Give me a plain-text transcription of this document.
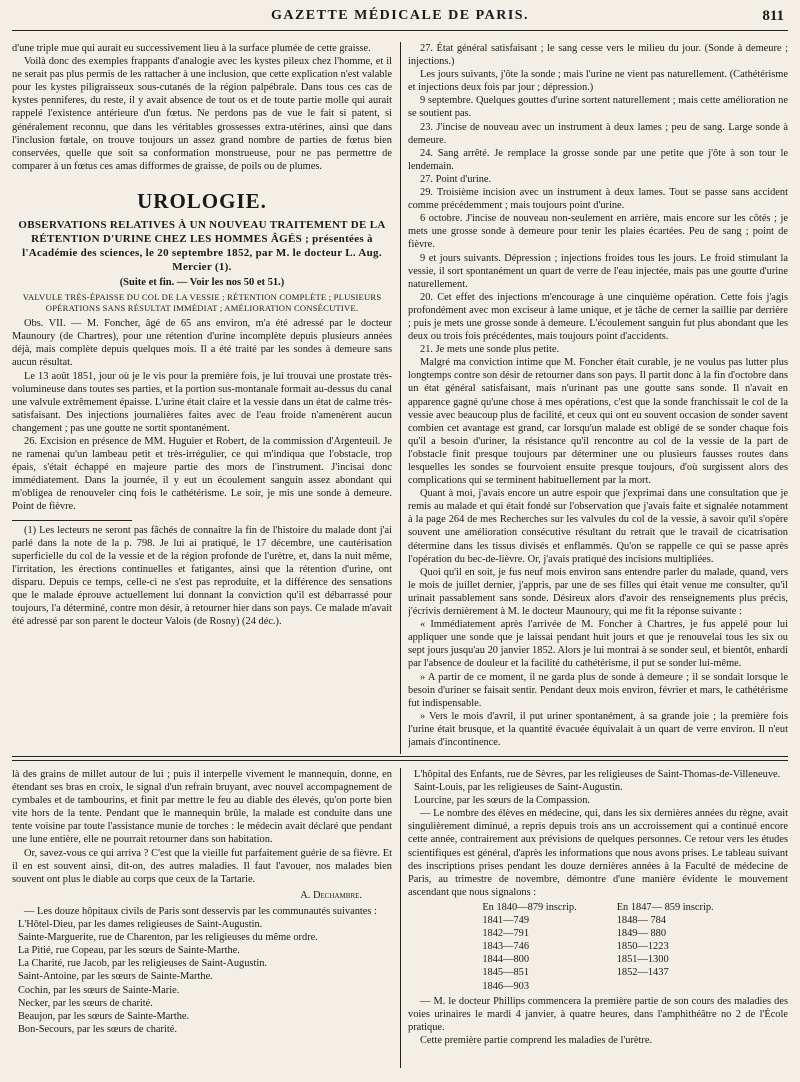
GAZETTE MÉDICALE DE PARIS.	811

d'une triple mue qui aurait eu successivement lieu à la surface plumée de cette graisse.

Voilà donc des exemples frappants d'analogie avec les kystes pileux chez l'homme, et il ne serait pas plus permis de les rattacher à une inclusion, que cette explication n'est valable pour les kystes piligraisseux sous-cutanés de la région palpébrale. Dans tous ces cas de kystes penniferes, du reste, il y avait absence de tout os et de toute partie molle qui aurait rappelé l'existence antérieure d'un fœtus. Ne perdons pas de vue le fait si patent, si généralement reconnu, que dans les véritables grossesses extra-utérines, ainsi que dans l'inclusion fœtale, on trouve toujours un assez grand nombre de parties de fœtus bien conservées, quelle que soit sa conformation monstrueuse, pour ne pas permettre de comparer à un fœtus ces amas difformes de graisse, de poils ou de plumes.

UROLOGIE.
OBSERVATIONS RELATIVES À UN NOUVEAU TRAITEMENT DE LA RÉTENTION D'URINE CHEZ LES HOMMES ÂGÉS ; présentées à l'Académie des sciences, le 20 septembre 1852, par M. le docteur L. Aug. Mercier (1).
(Suite et fin. — Voir les nos 50 et 51.)
VALVULE TRÈS-ÉPAISSE DU COL DE LA VESSIE ; RÉTENTION COMPLÈTE ; PLUSIEURS OPÉRATIONS SANS RÉSULTAT IMMÉDIAT ; AMÉLIORATION CONSÉCUTIVE.

Obs. VII. — M. Foncher, âgé de 65 ans environ, m'a été adressé par le docteur Maunoury (de Chartres), pour une rétention d'urine incomplète depuis plusieurs années déjà, mais complète depuis quelques mois. Il a été traité par les sondes à demeure sans aucun résultat.

Le 13 août 1851, jour où je le vis pour la première fois, je lui trouvai une prostate très-volumineuse dans toutes ses parties, et la portion sus-montanale formait au-dessus du canal une valvule extrêmement épaisse. L'urine était claire et la vessie dans un état de calme très-satisfaisant. Des injections journalières faites avec de l'eau froide n'amenèrent aucun changement ; pas une goutte ne sortit spontanément.

26. Excision en présence de MM. Huguier et Robert, de la commission d'Argenteuil. Je ne ramenai qu'un lambeau petit et très-irrégulier, ce qui m'indiqua que l'obstacle, trop épais, s'était échappé en majeure partie des mors de l'instrument. J'incisai donc immédiatement. Dans la journée, il y eut un écoulement sanguin assez abondant qui m'obligea de renouveler cinq fois le cathétérisme. Le soir, je mis une sonde à demeure. Point de fièvre.

(1) Les lecteurs ne seront pas fâchés de connaître la fin de l'histoire du malade dont j'ai parlé dans la note de la p. 798. Je lui ai pratiqué, le 17 décembre, une cautérisation superficielle du col de la vessie et de la région profonde de l'urètre, et, dans la nuit même, l'irritation, les érections continuelles et fatigantes, ainsi que la rétention d'urine, ont disparu. Depuis ce temps, celle-ci ne s'est pas reproduite, et la différence des sensations que le malade éprouve actuellement lui donnant la conviction qu'il est débarrassé pour toujours, l'a déterminé, contre mon désir, à retourner hier dans son pays. Ce malade m'avait été adressé par son parent le docteur Valois (de Rosny) (24 déc.).

27. État général satisfaisant ; le sang cesse vers le milieu du jour. (Sonde à demeure ; injections.)

Les jours suivants, j'ôte la sonde ; mais l'urine ne vient pas naturellement. (Cathétérisme et injections deux fois par jour ; dépression.)

9 septembre. Quelques gouttes d'urine sortent naturellement ; mais cette amélioration ne se soutient pas.

23. J'incise de nouveau avec un instrument à deux lames ; peu de sang. Large sonde à demeure.

24. Sang arrêté. Je remplace la grosse sonde par une petite que j'ôte à son tour le lendemain.

27. Point d'urine.

29. Troisième incision avec un instrument à deux lames. Tout se passe sans accident comme précédemment ; mais toujours point d'urine.

6 octobre. J'incise de nouveau non-seulement en arrière, mais encore sur les côtés ; je mets une grosse sonde à demeure pour tenir les plaies écartées. Peu de sang ; point de fièvre.

9 et jours suivants. Dépression ; injections froides tous les jours. Le froid stimulant la vessie, il sort spontanément un quart de verre de l'eau injectée, mais pas une goutte d'urine naturellement.

20. Cet effet des injections m'encourage à une cinquième opération. Cette fois j'agis profondément avec mon exciseur à lame unique, et je tâche de cerner la saillie par derrière ; puis je mets une grosse sonde à demeure. L'écoulement sanguin fut plus abondant que les deux ou trois fois précédentes, mais toujours point d'accidents.

21. Je mets une sonde plus petite.

Malgré ma conviction intime que M. Foncher était curable, je ne voulus pas lutter plus longtemps contre son désir de retourner dans son pays. Il partit donc à la fin d'octobre dans un état général satisfaisant, mais n'urinant pas une goutte sans sonde. Il n'avait en apparence gagné qu'une chose à mes opérations, c'est que la sonde franchissait le col de la vessie avec beaucoup plus de facilité, et ceux qui ont eu souvent occasion de sonder savent combien cet avantage est grand, car lorsqu'un malade est obligé de se sonder chaque fois qu'il a besoin d'uriner, la résistance qu'il rencontre au col de la vessie de la part de l'obstacle finit presque toujours par déterminer une ou plusieurs fausses routes dans lesquelles les sondes se fourvoient ensuite presque toujours, d'où surgissent alors des complications qui se terminent habituellement par la mort.

Quant à moi, j'avais encore un autre espoir que j'exprimai dans une consultation que je remis au malade et qui était fondé sur l'observation que j'avais faite et signalée notamment à la page 264 de mes Recherches sur les valvules du col de la vessie, à savoir qu'il s'opère souvent une amélioration consécutive résultant du retrait que le travail de cicatrisation détermine dans les tissus divisés et enflammés. Qu'on se rappelle ce qui se passe après l'opération du bec-de-lièvre. Or, j'avais pratiqué des incisions multipliées.

Quoi qu'il en soit, je fus neuf mois environ sans entendre parler du malade, quand, vers le mois de juillet dernier, j'appris, par une de ses filles qui était venue me consulter, qu'il urinait passablement sans sonde. Désireux alors d'avoir des renseignements plus précis, j'écrivis dernièrement à M. le docteur Maunoury, qui me fit la réponse suivante :

« Immédiatement après l'arrivée de M. Foncher à Chartres, je fus appelé pour lui appliquer une sonde que je laissai pendant huit jours et que je renouvelai tous les six ou sept jours jusqu'au 20 janvier 1852. Alors je lui montrai à se sonder seul, et bientôt, enhardi par l'absence de douleur et la facilité du cathétérisme, il put se sonder lui-même.

» A partir de ce moment, il ne garda plus de sonde à demeure ; il se sondait lorsque le besoin d'uriner se faisait sentir. Pendant deux mois environ, février et mars, le cathétérisme fut indispensable.

» Vers le mois d'avril, il put uriner spontanément, à sa grande joie ; la première fois l'urine était brusque, et la quantité évacuée équivalait à un quart de verre environ. Il n'eut jamais d'incontinence.

là des grains de millet autour de lui ; puis il interpelle vivement le mannequin, donne, en étendant ses bras en croix, le signal d'un refrain bruyant, avec nouvel accompagnement de cymbales et de tambourins, et finit par mettre le feu au diable des élevés, qu'on porte bien vite hors de la tente. Pendant que le mannequin brûle, la malade est conduite dans une tente voisine par toute l'assistance munie de torches : le médecin avait déclaré que pendant une lune entière, elle ne pourrait retourner dans son habitation.

Or, savez-vous ce qui arriva ? C'est que la vieille fut parfaitement guérie de sa fièvre. Et il en est souvent ainsi, dit-on, des autres maladies. Il faut l'avouer, nos malades bien souvent ont plus le diable au corps que ceux de la Tartarie.

A. Dechambre.

— Les douze hôpitaux civils de Paris sont desservis par les communautés suivantes :

L'Hôtel-Dieu, par les dames religieuses de Saint-Augustin.

Sainte-Marguerite, rue de Charenton, par les religieuses du même ordre.

La Pitié, rue Copeau, par les sœurs de Sainte-Marthe.

La Charité, rue Jacob, par les religieuses de Saint-Augustin.

Saint-Antoine, par les sœurs de Sainte-Marthe.

Cochin, par les sœurs de Sainte-Marie.

Necker, par les sœurs de charité.

Beaujon, par les sœurs de Sainte-Marthe.

Bon-Secours, par les sœurs de charité.

L'hôpital des Enfants, rue de Sèvres, par les religieuses de Saint-Thomas-de-Villeneuve.

Saint-Louis, par les religieuses de Saint-Augustin.

Lourcine, par les sœurs de la Compassion.

— Le nombre des élèves en médecine, qui, dans les six dernières années du règne, avait singulièrement diminué, a repris depuis trois ans un accroissement qui a continué encore cette année, contrairement aux prévisions de quelques personnes. Ce retour vers les études scientifiques est général, d'après les informations que nous avons prises. Le tableau suivant des inscriptions prises pendant les douze dernières années à la Faculté de médecine de Paris, au trimestre de novembre, démontre d'une manière évidente le mouvement ascendant que nous signalons :

En 1840—879 inscrip.
1841—749
1842—791
1843—746
1844—800
1845—851
1846—903
En 1847— 859 inscrip.
1848— 784
1849— 880
1850—1223
1851—1300
1852—1437

— M. le docteur Phillips commencera la première partie de son cours des maladies des voies urinaires le mardi 4 janvier, à quatre heures, dans l'amphithéâtre no 2 de l'École pratique.

Cette première partie comprend les maladies de l'urètre.
